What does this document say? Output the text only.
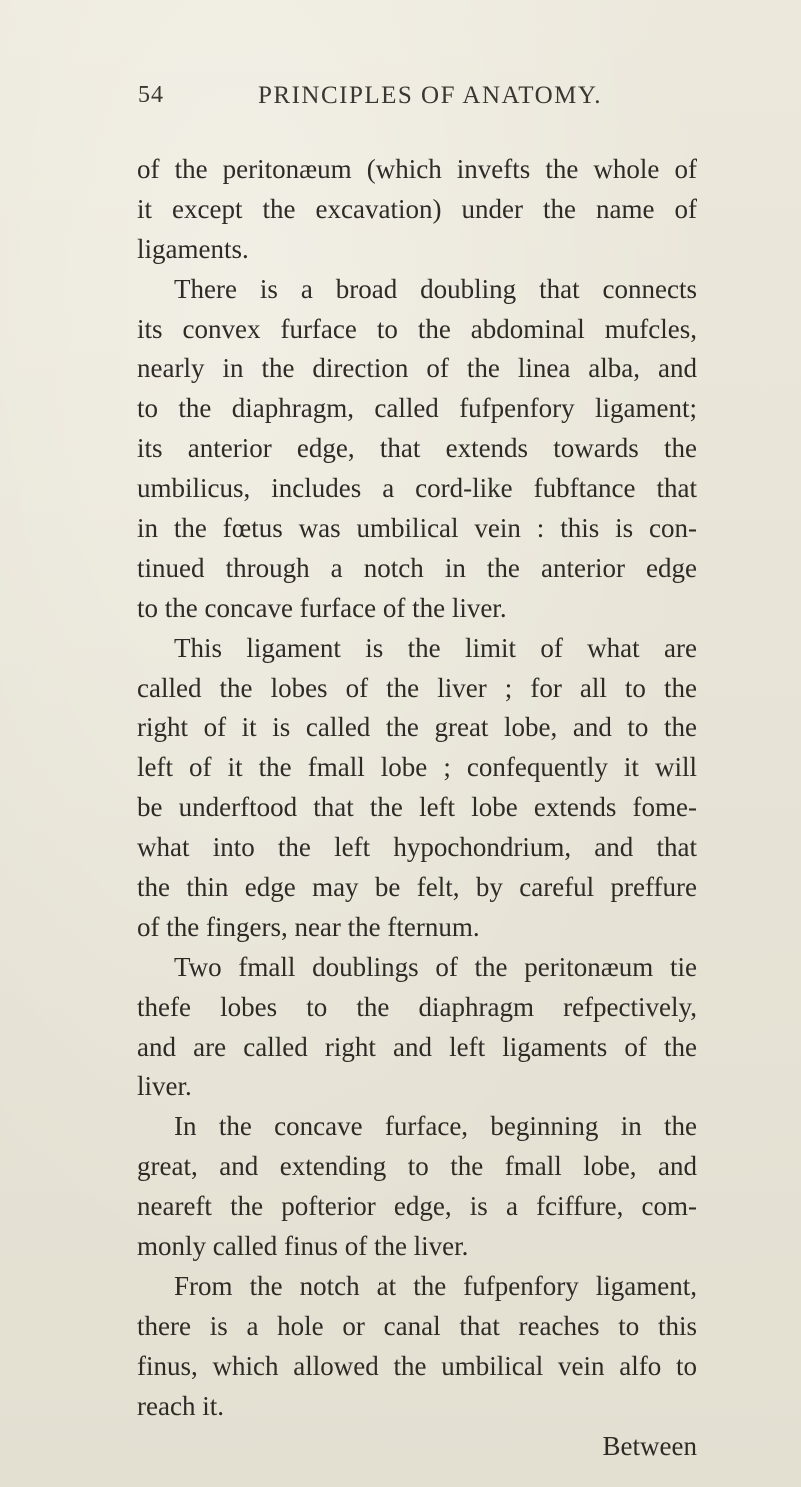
54	PRINCIPLES OF ANATOMY.
of the peritonæum (which invefts the whole of
it except the excavation) under the name of
ligaments.
There is a broad doubling that connects
its convex furface to the abdominal mufcles,
nearly in the direction of the linea alba, and
to the diaphragm, called fufpenfory ligament;
its anterior edge, that extends towards the
umbilicus, includes a cord-like fubftance that
in the fœtus was umbilical vein : this is con-
tinued through a notch in the anterior edge
to the concave furface of the liver.
This ligament is the limit of what are
called the lobes of the liver ; for all to the
right of it is called the great lobe, and to the
left of it the fmall lobe ; confequently it will
be underftood that the left lobe extends fome-
what into the left hypochondrium, and that
the thin edge may be felt, by careful preffure
of the fingers, near the fternum.
Two fmall doublings of the peritonæum tie
thefe lobes to the diaphragm refpectively,
and are called right and left ligaments of the
liver.
In the concave furface, beginning in the
great, and extending to the fmall lobe, and
neareft the pofterior edge, is a fciffure, com-
monly called finus of the liver.
From the notch at the fufpenfory ligament,
there is a hole or canal that reaches to this
finus, which allowed the umbilical vein alfo to
reach it.
Between
